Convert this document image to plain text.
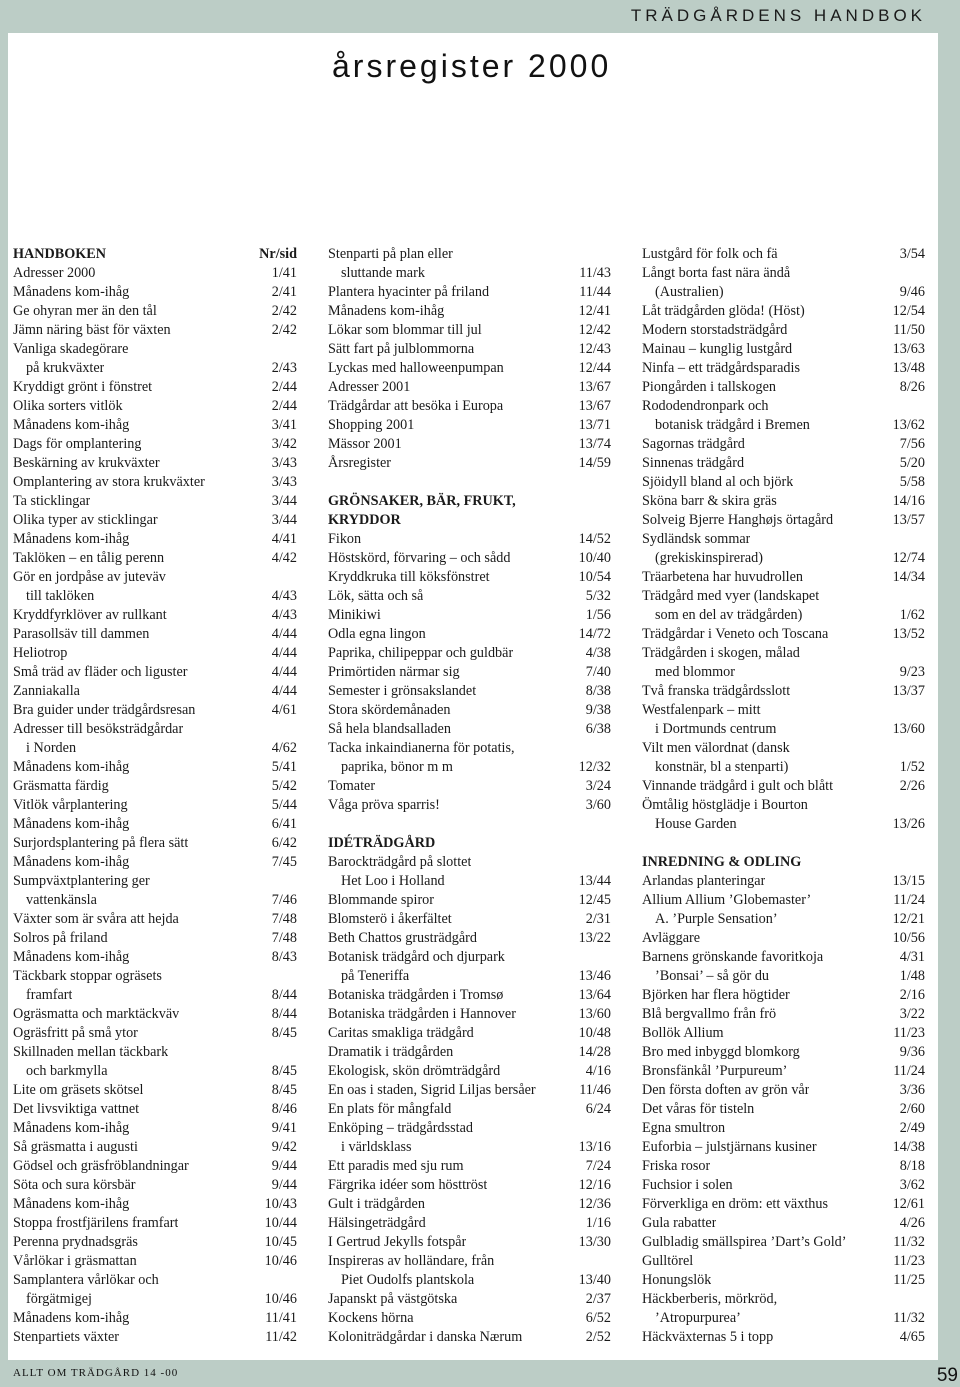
TRÄDGÅRDENS HANDBOK
årsregister 2000
HANDBOKEN	Nr/sid
Adresser 2000	1/41
Månadens kom-ihåg	2/41
Ge ohyran mer än den tål	2/42
Jämn näring bäst för växten	2/42
Vanliga skadegörare
på krukväxter	2/43
Kryddigt grönt i fönstret	2/44
Olika sorters vitlök	2/44
Månadens kom-ihåg	3/41
Dags för omplantering	3/42
Beskärning av krukväxter	3/43
Omplantering av stora krukväxter	3/43
Ta sticklingar	3/44
Olika typer av sticklingar	3/44
Månadens kom-ihåg	4/41
Taklöken – en tålig perenn	4/42
Gör en jordpåse av juteväv
till taklöken	4/43
Kryddfyrklöver av rullkant	4/43
Parasollsäv till dammen	4/44
Heliotrop	4/44
Små träd av fläder och liguster	4/44
Zanniakalla	4/44
Bra guider under trädgårdsresan	4/61
Adresser till besöksträdgårdar
i Norden	4/62
Månadens kom-ihåg	5/41
Gräsmatta färdig	5/42
Vitlök vårplantering	5/44
Månadens kom-ihåg	6/41
Surjordsplantering på flera sätt	6/42
Månadens kom-ihåg	7/45
Sumpväxtplantering ger
vattenkänsla	7/46
Växter som är svåra att hejda	7/48
Solros på friland	7/48
Månadens kom-ihåg	8/43
Täckbark stoppar ogräsets
framfart	8/44
Ogräsmatta och marktäckväv	8/44
Ogräsfritt på små ytor	8/45
Skillnaden mellan täckbark
och barkmylla	8/45
Lite om gräsets skötsel	8/45
Det livsviktiga vattnet	8/46
Månadens kom-ihåg	9/41
Så gräsmatta i augusti	9/42
Gödsel och gräsfröblandningar	9/44
Söta och sura körsbär	9/44
Månadens kom-ihåg	10/43
Stoppa frostfjärilens framfart	10/44
Perenna prydnadsgräs	10/45
Vårlökar i gräsmattan	10/46
Samplantera vårlökar och
förgätmigej	10/46
Månadens kom-ihåg	11/41
Stenpartiets växter	11/42
Stenparti på plan eller
sluttande mark	11/43
Plantera hyacinter på friland	11/44
Månadens kom-ihåg	12/41
Lökar som blommar till jul	12/42
Sätt fart på julblommorna	12/43
Lyckas med halloweenpumpan	12/44
Adresser 2001	13/67
Trädgårdar att besöka i Europa	13/67
Shopping 2001	13/71
Mässor 2001	13/74
Årsregister	14/59
GRÖNSAKER, BÄR, FRUKT,
KRYDDOR
Fikon	14/52
Höstskörd, förvaring – och sådd	10/40
Kryddkruka till köksfönstret	10/54
Lök, sätta och så	5/32
Minikiwi	1/56
Odla egna lingon	14/72
Paprika, chilipeppar och guldbär	4/38
Primörtiden närmar sig	7/40
Semester i grönsakslandet	8/38
Stora skördemånaden	9/38
Så hela blandsalladen	6/38
Tacka inkaindianerna för potatis,
paprika, bönor m m	12/32
Tomater	3/24
Våga pröva sparris!	3/60
IDÉTRÄDGÅRD
Barockträdgård på slottet
Het Loo i Holland	13/44
Blommande spiror	12/45
Blomsterö i åkerfältet	2/31
Beth Chattos grusträdgård	13/22
Botanisk trädgård och djurpark
på Teneriffa	13/46
Botaniska trädgården i Tromsø	13/64
Botaniska trädgården i Hannover	13/60
Caritas smakliga trädgård	10/48
Dramatik i trädgården	14/28
Ekologisk, skön drömträdgård	4/16
En oas i staden, Sigrid Liljas bersåer	11/46
En plats för mångfald	6/24
Enköping – trädgårdsstad
i världsklass	13/16
Ett paradis med sju rum	7/24
Färgrika idéer som hösttröst	12/16
Gult i trädgården	12/36
Hälsingeträdgård	1/16
I Gertrud Jekylls fotspår	13/30
Inspireras av holländare, från
Piet Oudolfs plantskola	13/40
Japanskt på västgötska	2/37
Kockens hörna	6/52
Koloniträdgårdar i danska Nærum	2/52
Lustgård för folk och fä	3/54
Långt borta fast nära ändå
(Australien)	9/46
Låt trädgården glöda! (Höst)	12/54
Modern storstadsträdgård	11/50
Mainau – kunglig lustgård	13/63
Ninfa – ett trädgårdsparadis	13/48
Piongården i tallskogen	8/26
Rododendronpark och
botanisk trädgård i Bremen	13/62
Sagornas trädgård	7/56
Sinnenas trädgård	5/20
Sjöidyll bland al och björk	5/58
Sköna barr & skira gräs	14/16
Solveig Bjerre Hanghøjs örtagård	13/57
Sydländsk sommar
(grekiskinspirerad)	12/74
Träarbetena har huvudrollen	14/34
Trädgård med vyer (landskapet
som en del av trädgården)	1/62
Trädgårdar i Veneto och Toscana	13/52
Trädgården i skogen, målad
med blommor	9/23
Två franska trädgårdsslott	13/37
Westfalenpark – mitt
i Dortmunds centrum	13/60
Vilt men välordnat (dansk
konstnär, bl a stenparti)	1/52
Vinnande trädgård i gult och blått	2/26
Ömtålig höstglädje i Bourton
House Garden	13/26
INREDNING & ODLING
Arlandas planteringar	13/15
Allium Allium ’Globemaster’	11/24
A. ’Purple Sensation’	12/21
Avläggare	10/56
Barnens grönskande favoritkoja	4/31
’Bonsai’ – så gör du	1/48
Björken har flera högtider	2/16
Blå bergvallmo från frö	3/22
Bollök Allium	11/23
Bro med inbyggd blomkorg	9/36
Bronsfänkål ’Purpureum’	11/24
Den första doften av grön vår	3/36
Det våras för tisteln	2/60
Egna smultron	2/49
Euforbia – julstjärnans kusiner	14/38
Friska rosor	8/18
Fuchsior i solen	3/62
Förverkliga en dröm: ett växthus	12/61
Gula rabatter	4/26
Gulbladig smällspirea ’Dart’s Gold’	11/32
Gulltörel	11/23
Honungslök	11/25
Häckberberis, mörkröd,
’Atropurpurea’	11/32
Häckväxternas 5 i topp	4/65
ALLT OM TRÄDGÅRD 14 -00	59
